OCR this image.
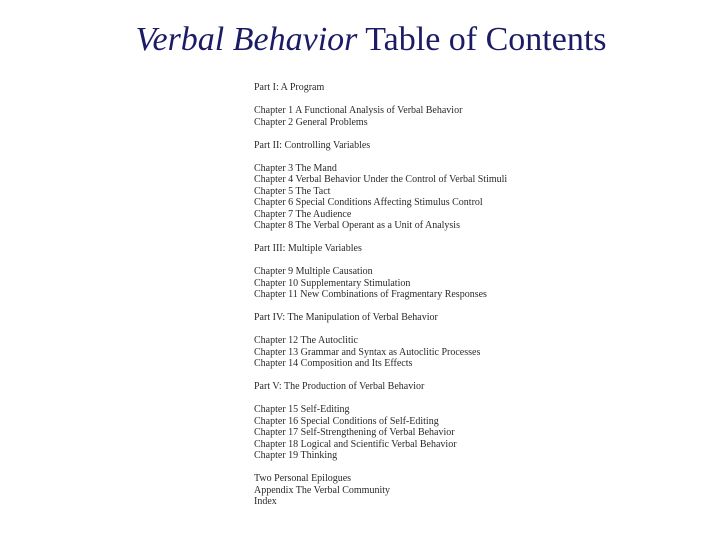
Verbal Behavior Table of Contents
Part I: A Program
Chapter 1 A Functional Analysis of Verbal Behavior
Chapter 2 General Problems
Part II: Controlling Variables
Chapter 3 The Mand
Chapter 4 Verbal Behavior Under the Control of Verbal Stimuli
Chapter 5 The Tact
Chapter 6 Special Conditions Affecting Stimulus Control
Chapter 7 The Audience
Chapter 8 The Verbal Operant as a Unit of Analysis
Part III: Multiple Variables
Chapter 9 Multiple Causation
Chapter 10 Supplementary Stimulation
Chapter 11 New Combinations of Fragmentary Responses
Part IV: The Manipulation of Verbal Behavior
Chapter 12 The Autoclitic
Chapter 13 Grammar and Syntax as Autoclitic Processes
Chapter 14 Composition and Its Effects
Part V: The Production of Verbal Behavior
Chapter 15 Self-Editing
Chapter 16 Special Conditions of Self-Editing
Chapter 17 Self-Strengthening of Verbal Behavior
Chapter 18 Logical and Scientific Verbal Behavior
Chapter 19 Thinking
Two Personal Epilogues
Appendix The Verbal Community
Index
